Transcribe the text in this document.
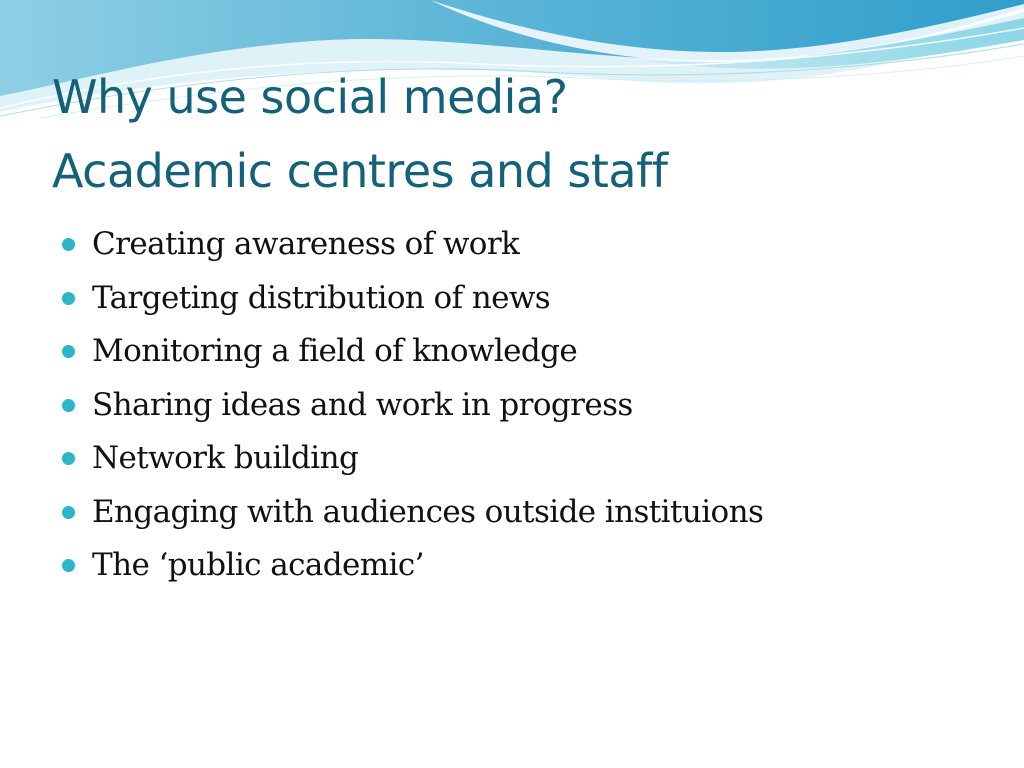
Why use social media?
Academic centres and staff
Creating awareness of work
Targeting distribution of news
Monitoring a field of knowledge
Sharing ideas and work in progress
Network building
Engaging with audiences outside instituions
The ‘public academic’
